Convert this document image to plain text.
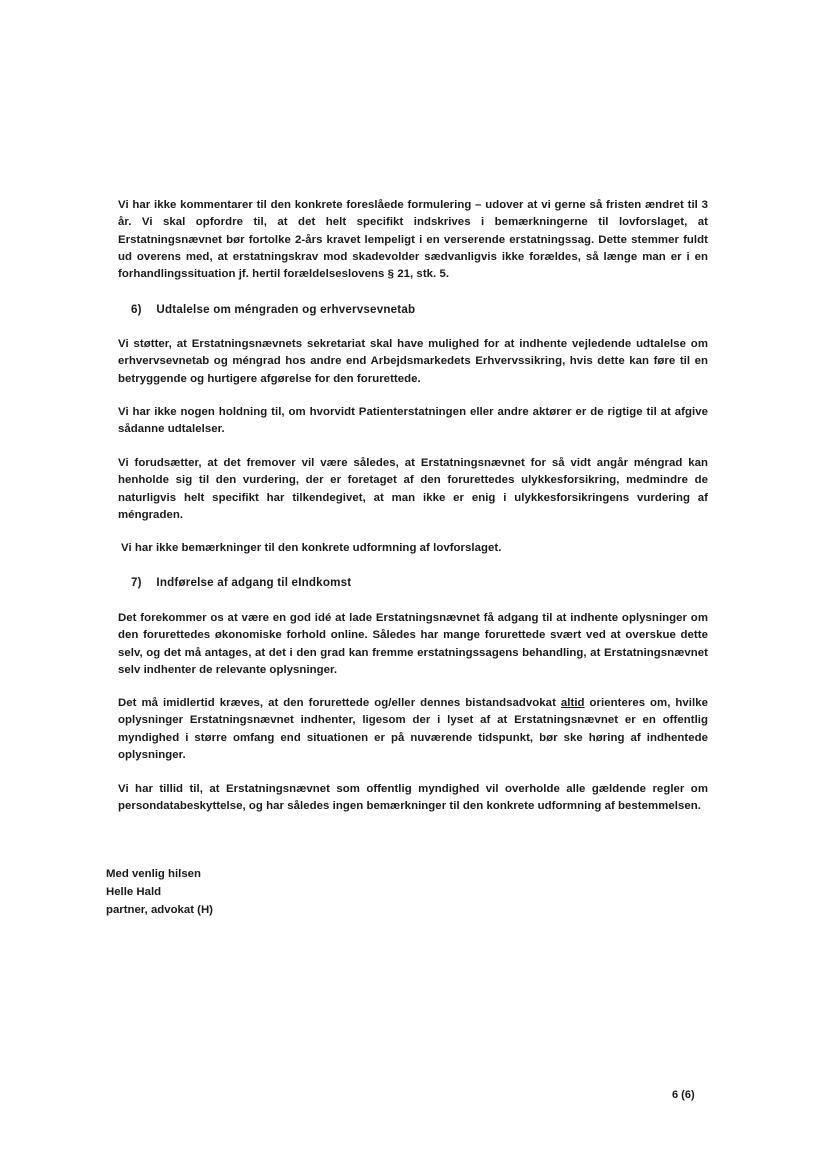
Vi har ikke kommentarer til den konkrete foreslåede formulering – udover at vi gerne så fristen ændret til 3 år. Vi skal opfordre til, at det helt specifikt indskrives i bemærkningerne til lovforslaget, at Erstatningsnævnet bør fortolke 2-års kravet lempeligt i en verserende erstatningssag. Dette stemmer fuldt ud overens med, at erstatningskrav mod skadevolder sædvanligvis ikke forældes, så længe man er i en forhandlingssituation jf. hertil forældelseslovens § 21, stk. 5.

6) Udtalelse om méngraden og erhvervsevnetab

Vi støtter, at Erstatningsnævnets sekretariat skal have mulighed for at indhente vejledende udtalelse om erhvervsevnetab og méngrad hos andre end Arbejdsmarkedets Erhvervssikring, hvis dette kan føre til en betryggende og hurtigere afgørelse for den forurettede.

Vi har ikke nogen holdning til, om hvorvidt Patienterstatningen eller andre aktører er de rigtige til at afgive sådanne udtalelser.

Vi forudsætter, at det fremover vil være således, at Erstatningsnævnet for så vidt angår méngrad kan henholde sig til den vurdering, der er foretaget af den forurettedes ulykkesforsikring, medmindre de naturligvis helt specifikt har tilkendegivet, at man ikke er enig i ulykkesforsikringens vurdering af méngraden.

Vi har ikke bemærkninger til den konkrete udformning af lovforslaget.

7) Indførelse af adgang til eIndkomst

Det forekommer os at være en god idé at lade Erstatningsnævnet få adgang til at indhente oplysninger om den forurettedes økonomiske forhold online. Således har mange forurettede svært ved at overskue dette selv, og det må antages, at det i den grad kan fremme erstatningssagens behandling, at Erstatningsnævnet selv indhenter de relevante oplysninger.

Det må imidlertid kræves, at den forurettede og/eller dennes bistandsadvokat altid orienteres om, hvilke oplysninger Erstatningsnævnet indhenter, ligesom der i lyset af at Erstatningsnævnet er en offentlig myndighed i større omfang end situationen er på nuværende tidspunkt, bør ske høring af indhentede oplysninger.

Vi har tillid til, at Erstatningsnævnet som offentlig myndighed vil overholde alle gældende regler om persondatabeskyttelse, og har således ingen bemærkninger til den konkrete udformning af bestemmelsen.

Med venlig hilsen
Helle Hald
partner, advokat (H)
6 (6)
